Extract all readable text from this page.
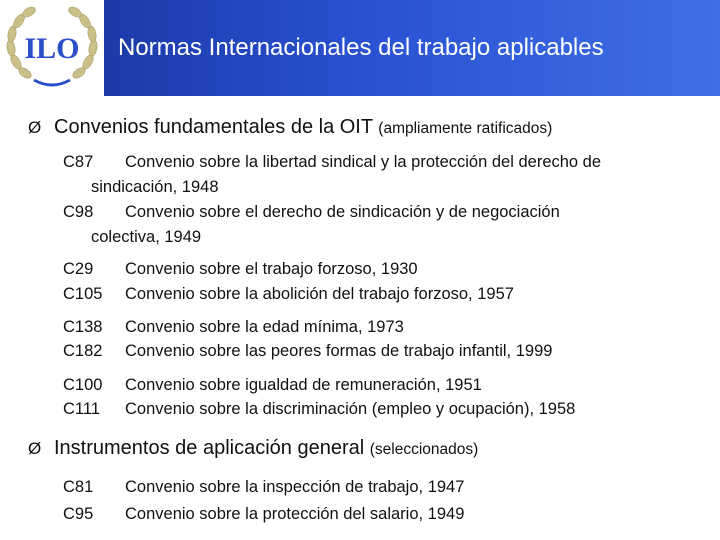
ILO Normas Internacionales del trabajo aplicables
Ø Convenios fundamentales de la OIT (ampliamente ratificados)
C87 Convenio sobre la libertad sindical y la protección del derecho de
sindicación, 1948
C98 Convenio sobre el derecho de sindicación y de negociación
colectiva, 1949
C29 Convenio sobre el trabajo forzoso, 1930
C105 Convenio sobre la abolición del trabajo forzoso, 1957
C138 Convenio sobre la edad mínima, 1973
C182 Convenio sobre las peores formas de trabajo infantil, 1999
C100 Convenio sobre igualdad de remuneración, 1951
C111 Convenio sobre la discriminación (empleo y ocupación), 1958
Ø Instrumentos de aplicación general (seleccionados)
C81 Convenio sobre la inspección de trabajo, 1947
C95 Convenio sobre la protección del salario, 1949
